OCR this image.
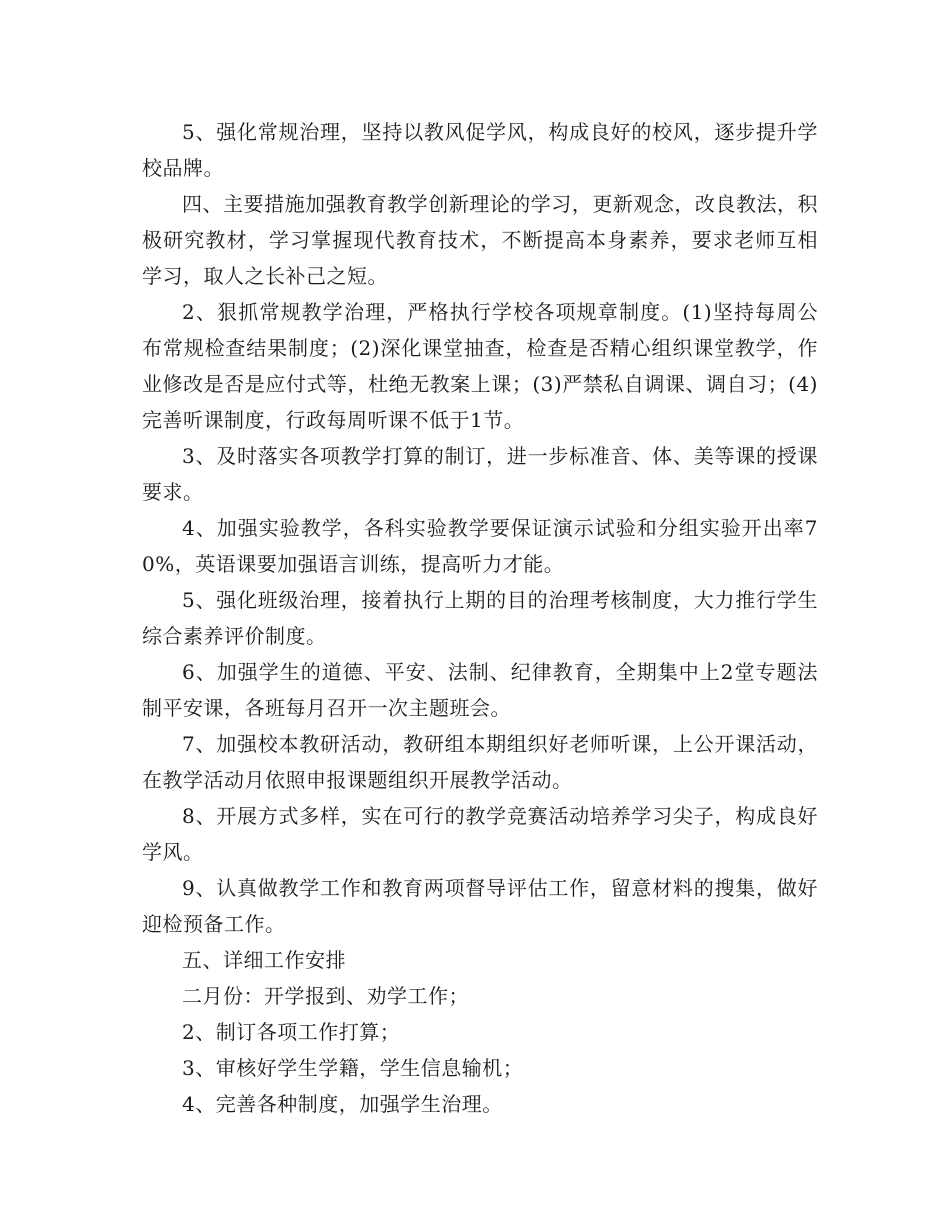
5、强化常规治理，坚持以教风促学风，构成良好的校风，逐步提升学校品牌。

四、主要措施加强教育教学创新理论的学习，更新观念，改良教法，积极研究教材，学习掌握现代教育技术，不断提高本身素养，要求老师互相学习，取人之长补己之短。

2、狠抓常规教学治理，严格执行学校各项规章制度。(1)坚持每周公布常规检查结果制度；(2)深化课堂抽查，检查是否精心组织课堂教学，作业修改是否是应付式等，杜绝无教案上课；(3)严禁私自调课、调自习；(4)完善听课制度，行政每周听课不低于1节。

3、及时落实各项教学打算的制订，进一步标准音、体、美等课的授课要求。

4、加强实验教学，各科实验教学要保证演示试验和分组实验开出率70%，英语课要加强语言训练，提高听力才能。

5、强化班级治理，接着执行上期的目的治理考核制度，大力推行学生综合素养评价制度。

6、加强学生的道德、平安、法制、纪律教育，全期集中上2堂专题法制平安课，各班每月召开一次主题班会。

7、加强校本教研活动，教研组本期组织好老师听课，上公开课活动，在教学活动月依照申报课题组织开展教学活动。

8、开展方式多样，实在可行的教学竞赛活动培养学习尖子，构成良好学风。

9、认真做教学工作和教育两项督导评估工作，留意材料的搜集，做好迎检预备工作。

五、详细工作安排

二月份：开学报到、劝学工作；

2、制订各项工作打算；

3、审核好学生学籍，学生信息输机；

4、完善各种制度，加强学生治理。
